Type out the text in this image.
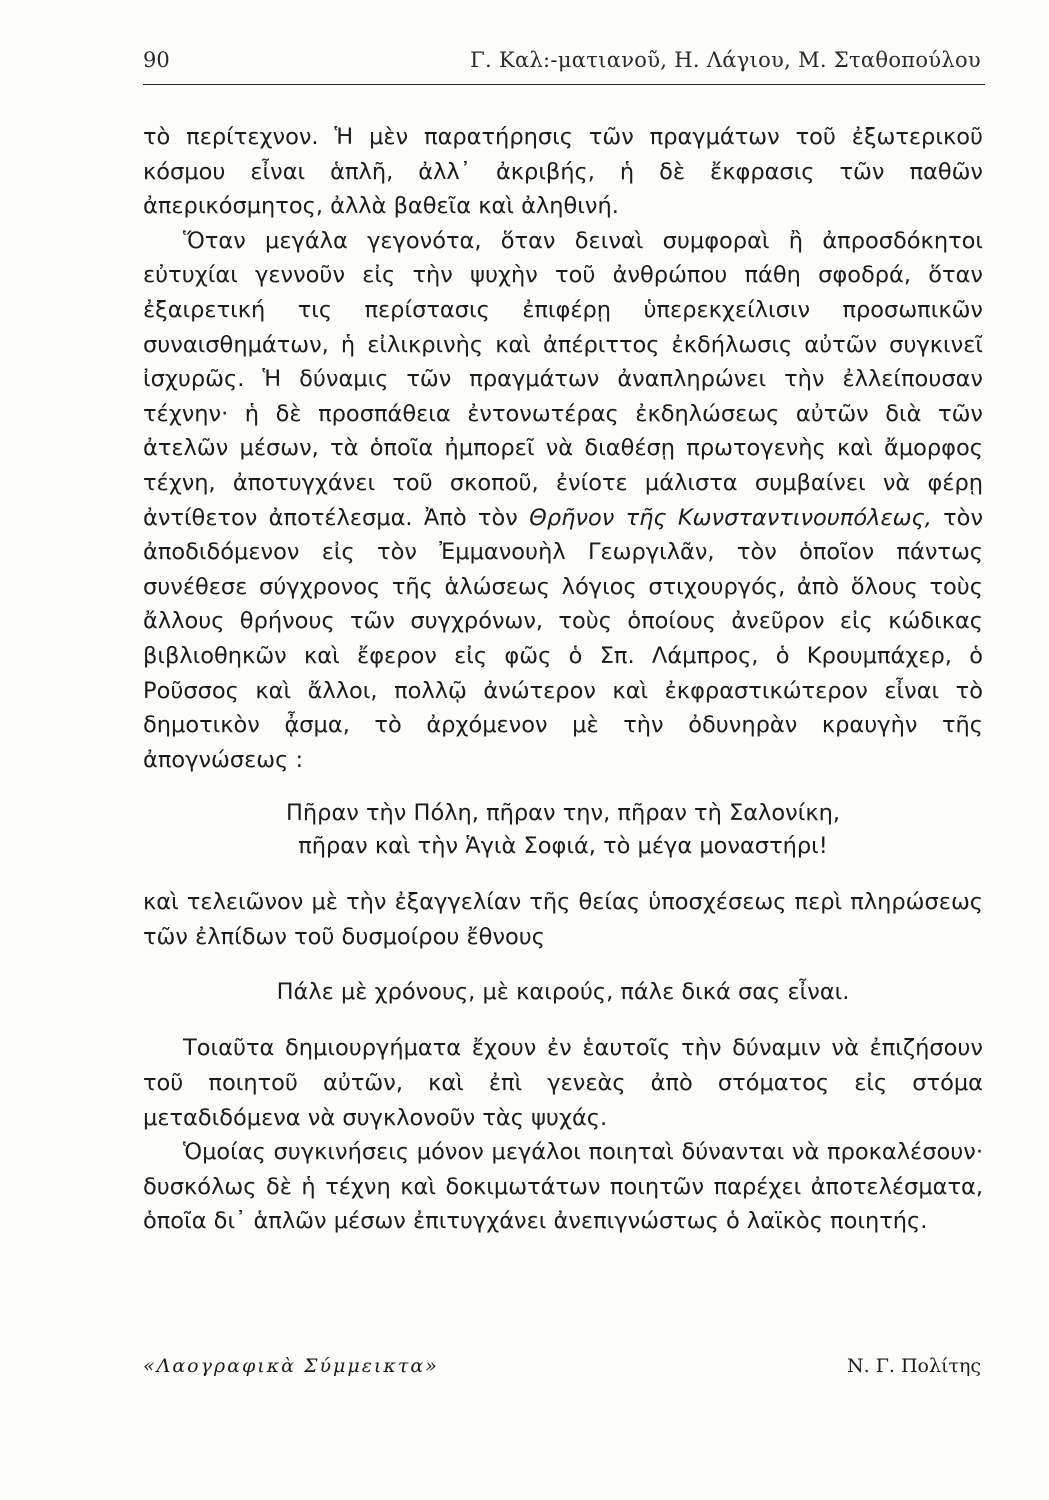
90	Γ. Καλ:-ματιανοῦ, Η. Λάγιου, Μ. Σταθοπούλου

τὸ περίτεχνον. Ἡ μὲν παρατήρησις τῶν πραγμάτων τοῦ ἐξωτερικοῦ κόσμου εἶναι ἁπλῆ, ἀλλ᾽ ἀκριβής, ἡ δὲ ἔκφρασις τῶν παθῶν ἀπερικόσμητος, ἀλλὰ βαθεῖα καὶ ἀληθινή.

Ὅταν μεγάλα γεγονότα, ὅταν δειναὶ συμφοραὶ ἢ ἀπροσδόκητοι εὐτυχίαι γεννοῦν εἰς τὴν ψυχὴν τοῦ ἀνθρώπου πάθη σφοδρά, ὅταν ἐξαιρετική τις περίστασις ἐπιφέρῃ ὑπερεκχείλισιν προσωπικῶν συναισθημάτων, ἡ εἰλικρινὴς καὶ ἀπέριττος ἐκδήλωσις αὐτῶν συγκινεῖ ἰσχυρῶς. Ἡ δύναμις τῶν πραγμάτων ἀναπληρώνει τὴν ἐλλείπουσαν τέχνην· ἡ δὲ προσπάθεια ἐντονωτέρας ἐκδηλώσεως αὐτῶν διὰ τῶν ἀτελῶν μέσων, τὰ ὁποῖα ἠμπορεῖ νὰ διαθέσῃ πρωτογενὴς καὶ ἄμορφος τέχνη, ἀποτυγχάνει τοῦ σκοποῦ, ἐνίοτε μάλιστα συμβαίνει νὰ φέρῃ ἀντίθετον ἀποτέλεσμα. Ἀπὸ τὸν Θρῆνον τῆς Κωνσταντινουπόλεως, τὸν ἀποδιδόμενον εἰς τὸν Ἐμμανουὴλ Γεωργιλᾶν, τὸν ὁποῖον πάντως συνέθεσε σύγχρονος τῆς ἁλώσεως λόγιος στιχουργός, ἀπὸ ὅλους τοὺς ἄλλους θρήνους τῶν συγχρόνων, τοὺς ὁποίους ἀνεῦρον εἰς κώδικας βιβλιοθηκῶν καὶ ἔφερον εἰς φῶς ὁ Σπ. Λάμπρος, ὁ Κρουμπάχερ, ὁ Ροῦσσος καὶ ἄλλοι, πολλῷ ἀνώτερον καὶ ἐκφραστικώτερον εἶναι τὸ δημοτικὸν ᾆσμα, τὸ ἀρχόμενον μὲ τὴν ὀδυνηρὰν κραυγὴν τῆς ἀπογνώσεως :

Πῆραν τὴν Πόλη, πῆραν την, πῆραν τὴ Σαλονίκη,
πῆραν καὶ τὴν Ἁγιὰ Σοφιά, τὸ μέγα μοναστήρι!

καὶ τελειῶνον μὲ τὴν ἐξαγγελίαν τῆς θείας ὑποσχέσεως περὶ πληρώσεως τῶν ἐλπίδων τοῦ δυσμοίρου ἔθνους

Πάλε μὲ χρόνους, μὲ καιρούς, πάλε δικά σας εἶναι.

Τοιαῦτα δημιουργήματα ἔχουν ἐν ἑαυτοῖς τὴν δύναμιν νὰ ἐπιζήσουν τοῦ ποιητοῦ αὐτῶν, καὶ ἐπὶ γενεὰς ἀπὸ στόματος εἰς στόμα μεταδιδόμενα νὰ συγκλονοῦν τὰς ψυχάς.

Ὁμοίας συγκινήσεις μόνον μεγάλοι ποιηταὶ δύνανται νὰ προκαλέσουν· δυσκόλως δὲ ἡ τέχνη καὶ δοκιμωτάτων ποιητῶν παρέχει ἀποτελέσματα, ὁποῖα δι᾽ ἁπλῶν μέσων ἐπιτυγχάνει ἀνεπιγνώστως ὁ λαϊκὸς ποιητής.

«Λαογραφικὰ Σύμμεικτα»	Ν. Γ. Πολίτης
